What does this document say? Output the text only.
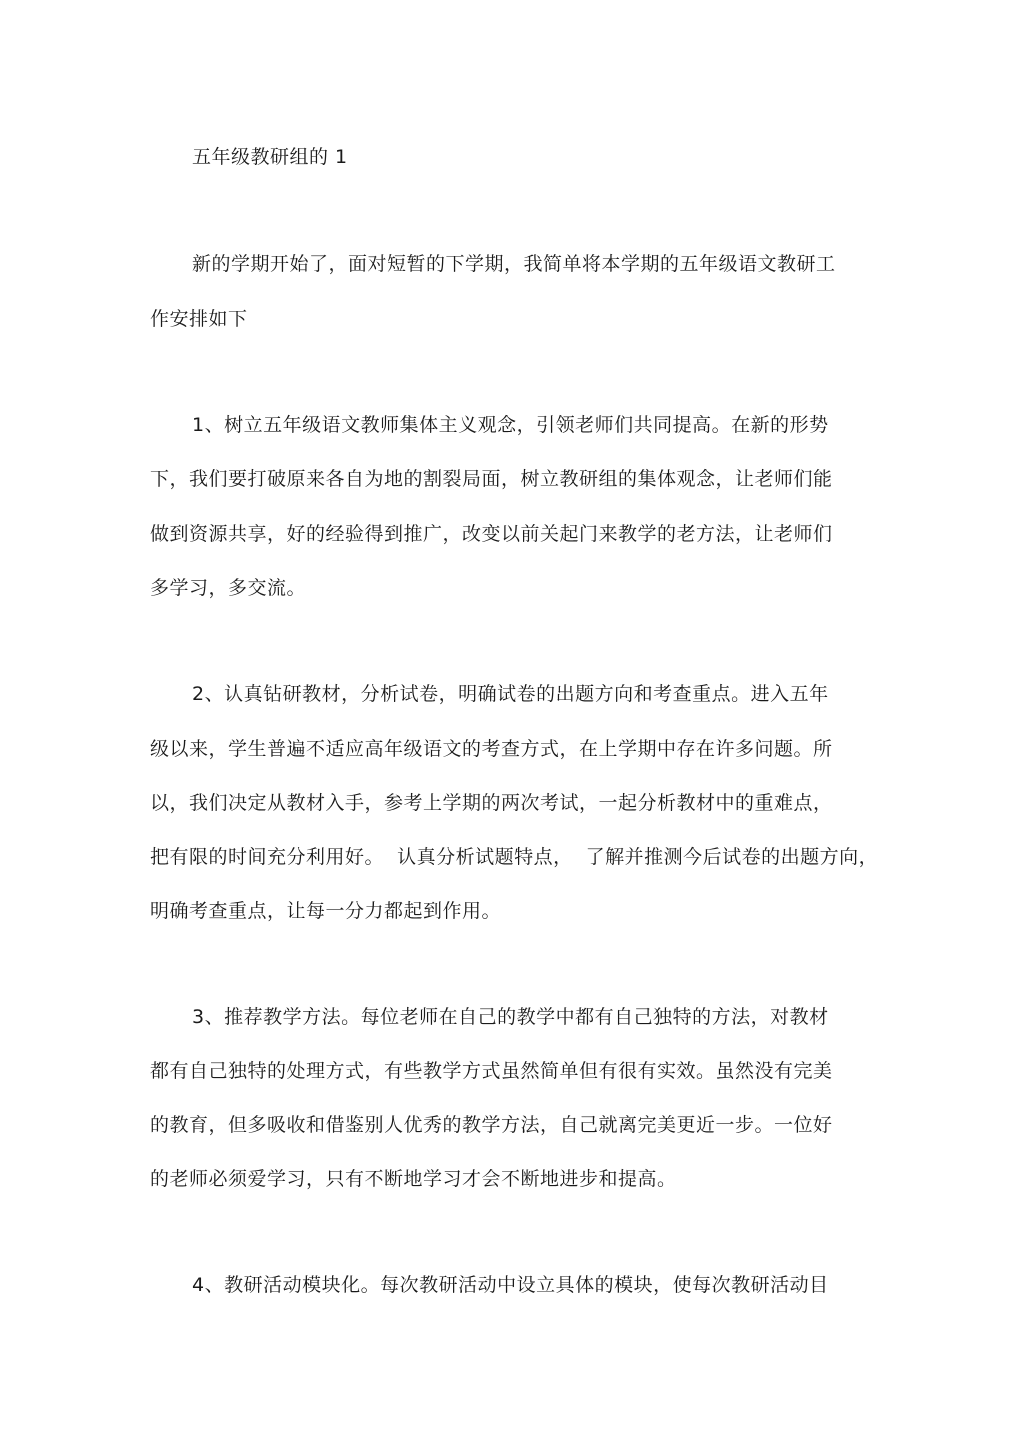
五年级教研组的 1
新的学期开始了，面对短暂的下学期，我简单将本学期的五年级语文教研工
作安排如下
1、树立五年级语文教师集体主义观念，引领老师们共同提高。在新的形势
下，我们要打破原来各自为地的割裂局面，树立教研组的集体观念，让老师们能
做到资源共享，好的经验得到推广，改变以前关起门来教学的老方法，让老师们
多学习，多交流。
2、认真钻研教材，分析试卷，明确试卷的出题方向和考查重点。进入五年
级以来，学生普遍不适应高年级语文的考查方式，在上学期中存在许多问题。所
以，我们决定从教材入手，参考上学期的两次考试，一起分析教材中的重难点，
把有限的时间充分利用好。  认真分析试题特点，  了解并推测今后试卷的出题方向，
明确考查重点，让每一分力都起到作用。
3、推荐教学方法。每位老师在自己的教学中都有自己独特的方法，对教材
都有自己独特的处理方式，有些教学方式虽然简单但有很有实效。虽然没有完美
的教育，但多吸收和借鉴别人优秀的教学方法，自己就离完美更近一步。一位好
的老师必须爱学习，只有不断地学习才会不断地进步和提高。
4、教研活动模块化。每次教研活动中设立具体的模块，使每次教研活动目
